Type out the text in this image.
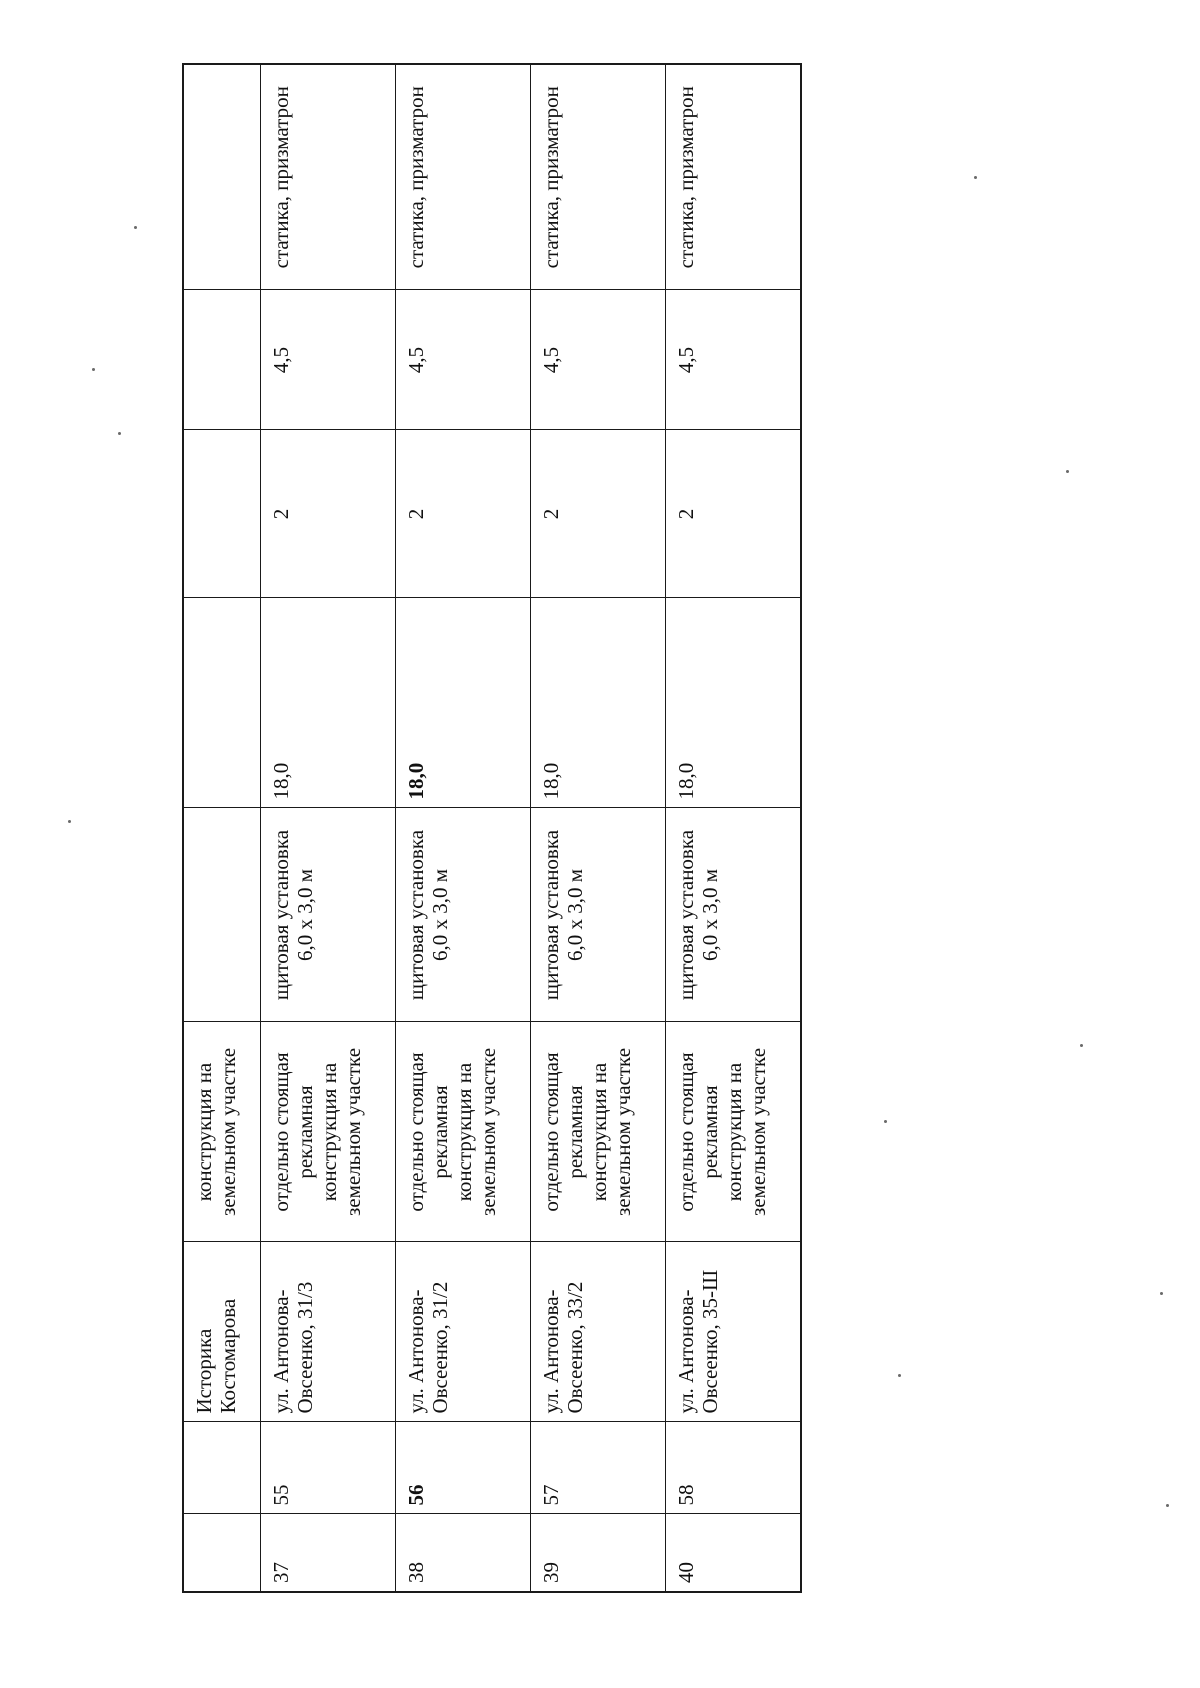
		Историка Костомарова	конструкция на земельном участке					
37	55	ул. Антонова-Овсеенко, 31/3	отдельно стоящая рекламная конструкция на земельном участке	щитовая установка 6,0 х 3,0 м	18,0	2	4,5	статика, призматрон
38	56	ул. Антонова-Овсеенко, 31/2	отдельно стоящая рекламная конструкция на земельном участке	щитовая установка 6,0 х 3,0 м	18,0	2	4,5	статика, призматрон
39	57	ул. Антонова-Овсеенко, 33/2	отдельно стоящая рекламная конструкция на земельном участке	щитовая установка 6,0 х 3,0 м	18,0	2	4,5	статика, призматрон
40	58	ул. Антонова-Овсеенко, 35-Ш	отдельно стоящая рекламная конструкция на земельном участке	щитовая установка 6,0 х 3,0 м	18,0	2	4,5	статика, призматрон
